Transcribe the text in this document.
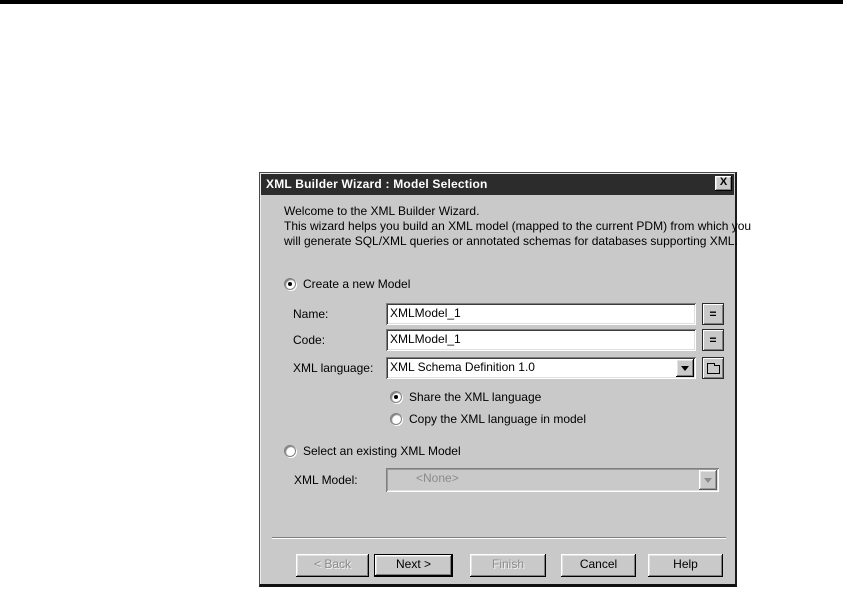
XML Builder Wizard : Model Selection	X
Welcome to the XML Builder Wizard.
This wizard helps you build an XML model (mapped to the current PDM) from which you
will generate SQL/XML queries or annotated schemas for databases supporting XML.
Create a new Model
Name:	XMLModel_1	=
Code:	XMLModel_1	=
XML language:	XML Schema Definition 1.0
Share the XML language
Copy the XML language in model
Select an existing XML Model
XML Model:	<None>
< Back	Next >	Finish	Cancel	Help
